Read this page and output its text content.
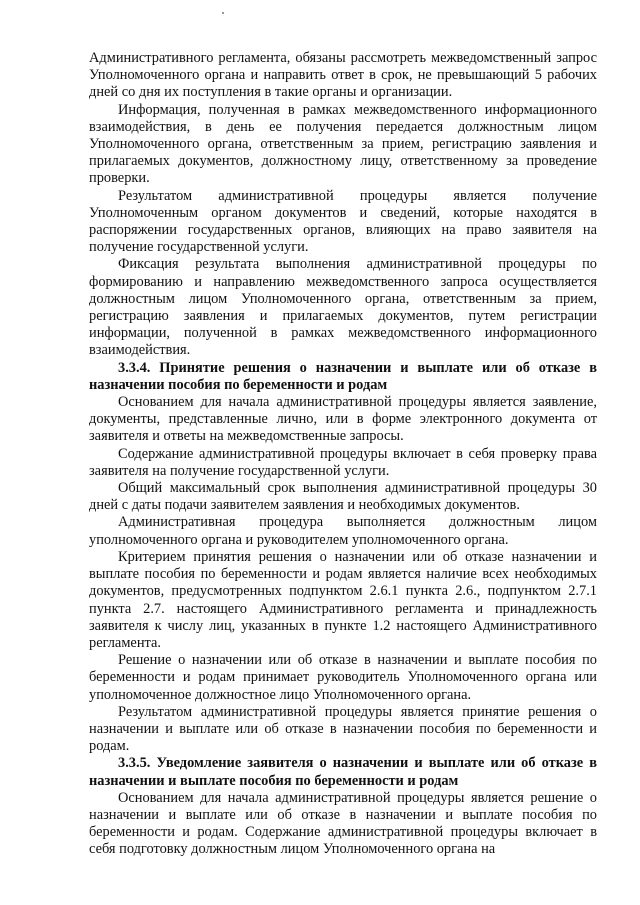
Административного регламента, обязаны рассмотреть межведомственный запрос Уполномоченного органа и направить ответ в срок, не превышающий 5 рабочих дней со дня их поступления в такие органы и организации.

Информация, полученная в рамках межведомственного информационного взаимодействия, в день ее получения передается должностным лицом Уполномоченного органа, ответственным за прием, регистрацию заявления и прилагаемых документов, должностному лицу, ответственному за проведение проверки.

Результатом административной процедуры является получение Уполномоченным органом документов и сведений, которые находятся в распоряжении государственных органов, влияющих на право заявителя на получение государственной услуги.

Фиксация результата выполнения административной процедуры по формированию и направлению межведомственного запроса осуществляется должностным лицом Уполномоченного органа, ответственным за прием, регистрацию заявления и прилагаемых документов, путем регистрации информации, полученной в рамках межведомственного информационного взаимодействия.

3.3.4. Принятие решения о назначении и выплате или об отказе в назначении пособия по беременности и родам

Основанием для начала административной процедуры является заявление, документы, представленные лично, или в форме электронного документа от заявителя и ответы на межведомственные запросы.

Содержание административной процедуры включает в себя проверку права заявителя на получение государственной услуги.

Общий максимальный срок выполнения административной процедуры 30 дней с даты подачи заявителем заявления и необходимых документов.

Административная процедура выполняется должностным лицом уполномоченного органа и руководителем уполномоченного органа.

Критерием принятия решения о назначении или об отказе назначении и выплате пособия по беременности и родам является наличие всех необходимых документов, предусмотренных подпунктом 2.6.1 пункта 2.6., подпунктом 2.7.1 пункта 2.7. настоящего Административного регламента и принадлежность заявителя к числу лиц, указанных в пункте 1.2 настоящего Административного регламента.

Решение о назначении или об отказе в назначении и выплате пособия по беременности и родам принимает руководитель Уполномоченного органа или уполномоченное должностное лицо Уполномоченного органа.

Результатом административной процедуры является принятие решения о назначении и выплате или об отказе в назначении пособия по беременности и родам.

3.3.5. Уведомление заявителя о назначении и выплате или об отказе в назначении и выплате пособия по беременности и родам

Основанием для начала административной процедуры является решение о назначении и выплате или об отказе в назначении и выплате пособия по беременности и родам. Содержание административной процедуры включает в себя подготовку должностным лицом Уполномоченного органа на
